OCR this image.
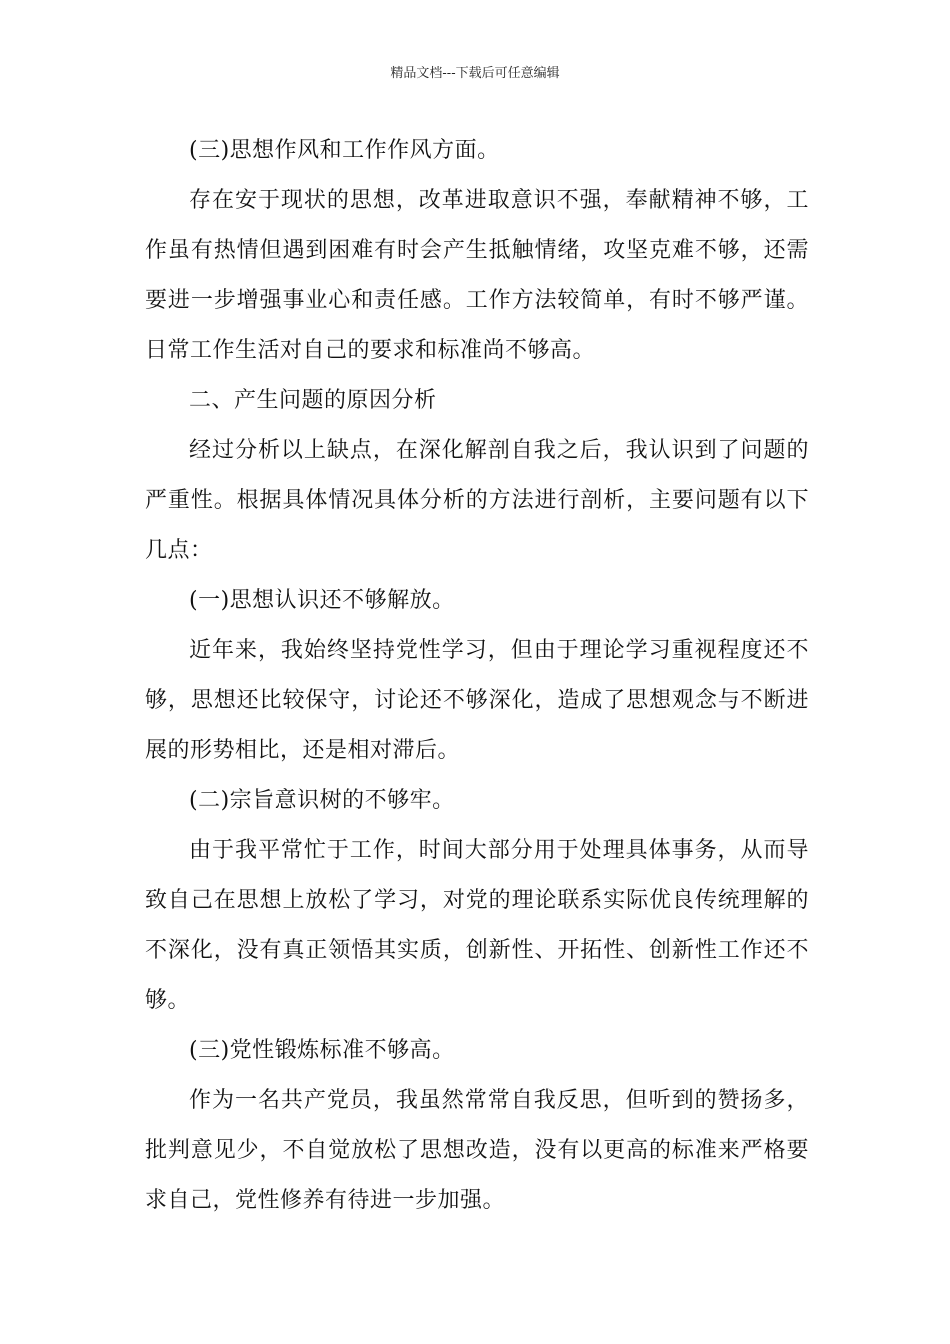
精品文档---下载后可任意编辑

(三)思想作风和工作作风方面。

存在安于现状的思想，改革进取意识不强，奉献精神不够，工作虽有热情但遇到困难有时会产生抵触情绪，攻坚克难不够，还需要进一步增强事业心和责任感。工作方法较简单，有时不够严谨。日常工作生活对自己的要求和标准尚不够高。

二、产生问题的原因分析

经过分析以上缺点，在深化解剖自我之后，我认识到了问题的严重性。根据具体情况具体分析的方法进行剖析，主要问题有以下几点：

(一)思想认识还不够解放。

近年来，我始终坚持党性学习，但由于理论学习重视程度还不够，思想还比较保守，讨论还不够深化，造成了思想观念与不断进展的形势相比，还是相对滞后。

(二)宗旨意识树的不够牢。

由于我平常忙于工作，时间大部分用于处理具体事务，从而导致自己在思想上放松了学习，对党的理论联系实际优良传统理解的不深化，没有真正领悟其实质，创新性、开拓性、创新性工作还不够。

(三)党性锻炼标准不够高。

作为一名共产党员，我虽然常常自我反思，但听到的赞扬多，批判意见少，不自觉放松了思想改造，没有以更高的标准来严格要求自己，党性修养有待进一步加强。
